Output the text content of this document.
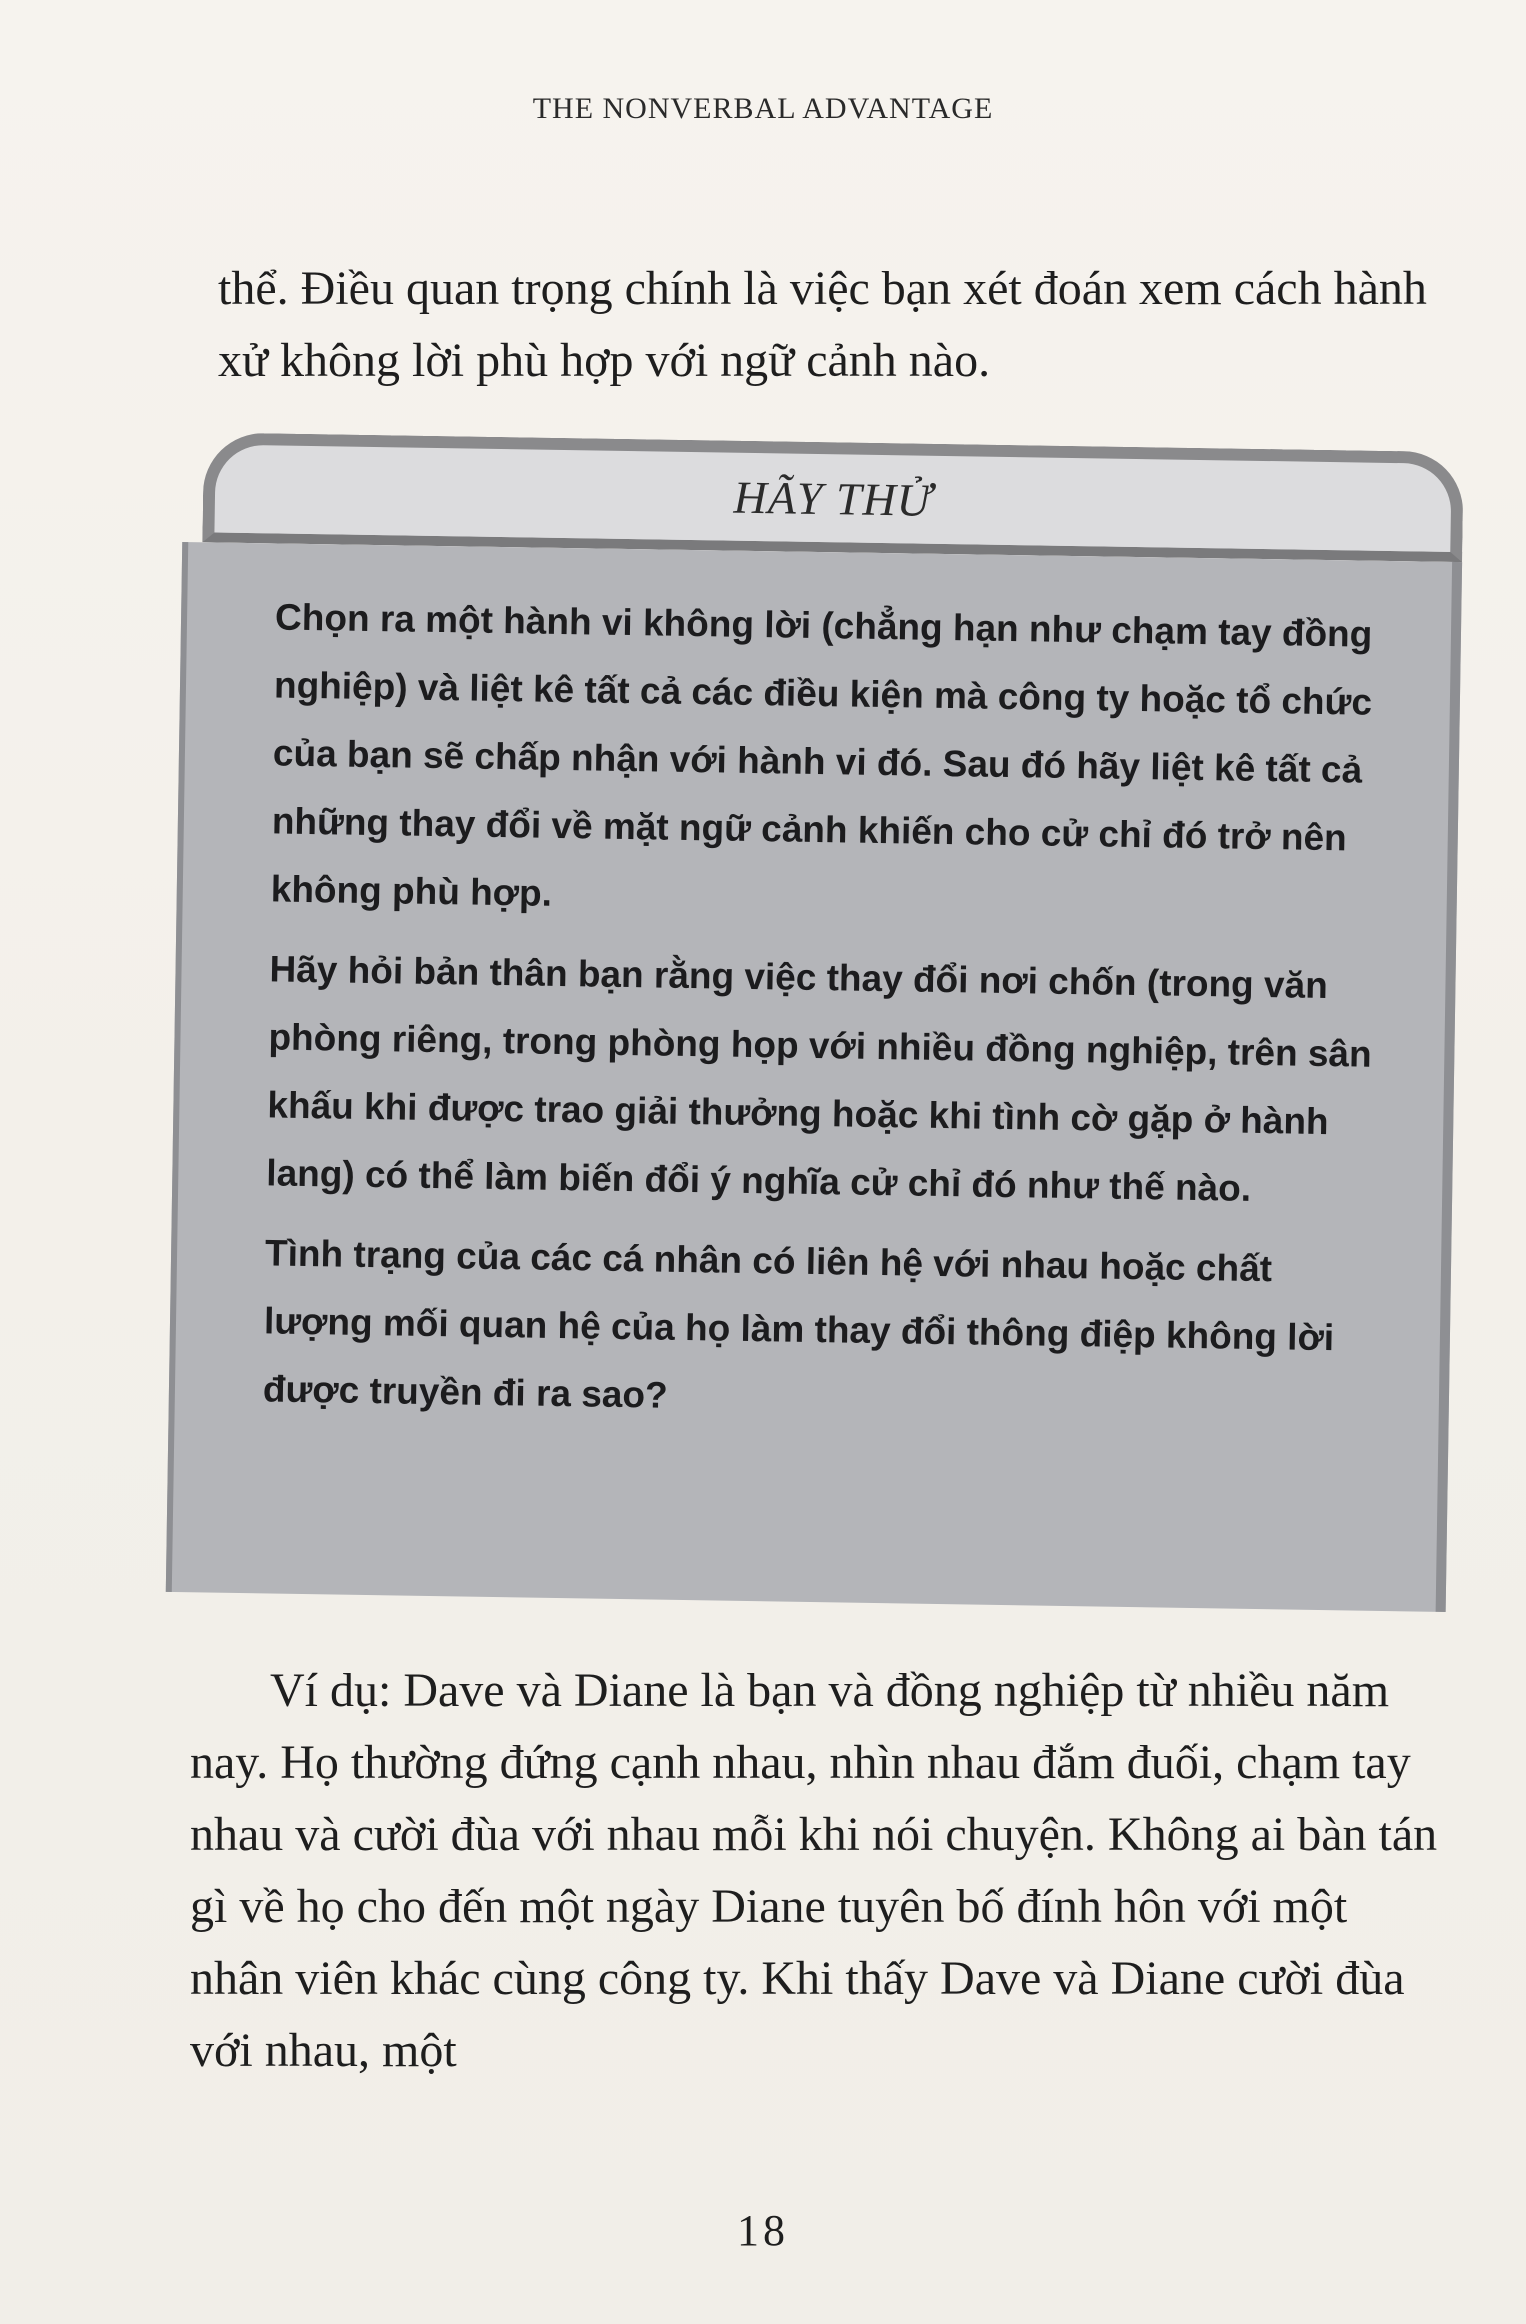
THE NONVERBAL ADVANTAGE

thể. Điều quan trọng chính là việc bạn xét đoán xem cách hành xử không lời phù hợp với ngữ cảnh nào.

HÃY THỬ

Chọn ra một hành vi không lời (chẳng hạn như chạm tay đồng nghiệp) và liệt kê tất cả các điều kiện mà công ty hoặc tổ chức của bạn sẽ chấp nhận với hành vi đó. Sau đó hãy liệt kê tất cả những thay đổi về mặt ngữ cảnh khiến cho cử chỉ đó trở nên không phù hợp.

Hãy hỏi bản thân bạn rằng việc thay đổi nơi chốn (trong văn phòng riêng, trong phòng họp với nhiều đồng nghiệp, trên sân khấu khi được trao giải thưởng hoặc khi tình cờ gặp ở hành lang) có thể làm biến đổi ý nghĩa cử chỉ đó như thế nào.

Tình trạng của các cá nhân có liên hệ với nhau hoặc chất lượng mối quan hệ của họ làm thay đổi thông điệp không lời được truyền đi ra sao?

Ví dụ: Dave và Diane là bạn và đồng nghiệp từ nhiều năm nay. Họ thường đứng cạnh nhau, nhìn nhau đắm đuối, chạm tay nhau và cười đùa với nhau mỗi khi nói chuyện. Không ai bàn tán gì về họ cho đến một ngày Diane tuyên bố đính hôn với một nhân viên khác cùng công ty. Khi thấy Dave và Diane cười đùa với nhau, một

18
